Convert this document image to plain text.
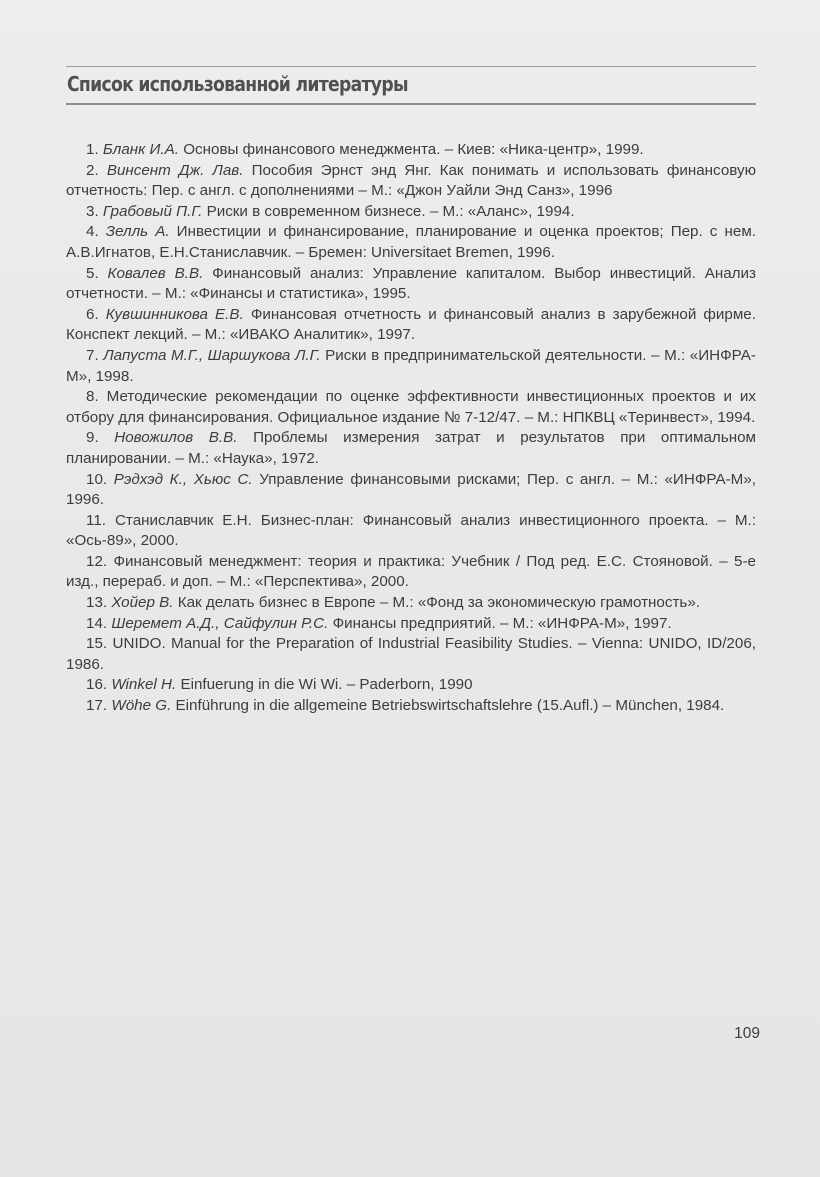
Список использованной литературы
1. Бланк И.А. Основы финансового менеджмента. – Киев: «Ника-центр», 1999.
2. Винсент Дж. Лав. Пособия Эрнст энд Янг. Как понимать и использовать финансовую отчетность: Пер. с англ. с дополнениями – М.: «Джон Уайли Энд Санз», 1996
3. Грабовый П.Г. Риски в современном бизнесе. – М.: «Аланс», 1994.
4. Зелль А. Инвестиции и финансирование, планирование и оценка проектов; Пер. с нем. А.В.Игнатов, Е.Н.Станиславчик. – Бремен: Universitaet Bremen, 1996.
5. Ковалев В.В. Финансовый анализ: Управление капиталом. Выбор инвестиций. Анализ отчетности. – М.: «Финансы и статистика», 1995.
6. Кувшинникова Е.В. Финансовая отчетность и финансовый анализ в зарубежной фирме. Конспект лекций. – М.: «ИВАКО Аналитик», 1997.
7. Лапуста М.Г., Шаршукова Л.Г. Риски в предпринимательской деятельности. – М.: «ИНФРА-М», 1998.
8. Методические рекомендации по оценке эффективности инвестиционных проектов и их отбору для финансирования. Официальное издание № 7-12/47. – М.: НПКВЦ «Теринвест», 1994.
9. Новожилов В.В. Проблемы измерения затрат и результатов при оптимальном планировании. – М.: «Наука», 1972.
10. Рэдхэд К., Хьюс С. Управление финансовыми рисками; Пер. с англ. – М.: «ИНФРА-М», 1996.
11. Станиславчик Е.Н. Бизнес-план: Финансовый анализ инвестиционного проекта. – М.: «Ось-89», 2000.
12. Финансовый менеджмент: теория и практика: Учебник / Под ред. Е.С. Стояновой. – 5-е изд., перераб. и доп. – М.: «Перспектива», 2000.
13. Хойер В. Как делать бизнес в Европе – М.: «Фонд за экономическую грамотность».
14. Шеремет А.Д., Сайфулин Р.С. Финансы предприятий. – М.: «ИНФРА-М», 1997.
15. UNIDO. Manual for the Preparation of Industrial Feasibility Studies. – Vienna: UNIDO, ID/206, 1986.
16. Winkel H. Einfuerung in die Wi Wi. – Paderborn, 1990
17. Wöhe G. Einführung in die allgemeine Betriebswirtschaftslehre (15.Aufl.) – München, 1984.
109
